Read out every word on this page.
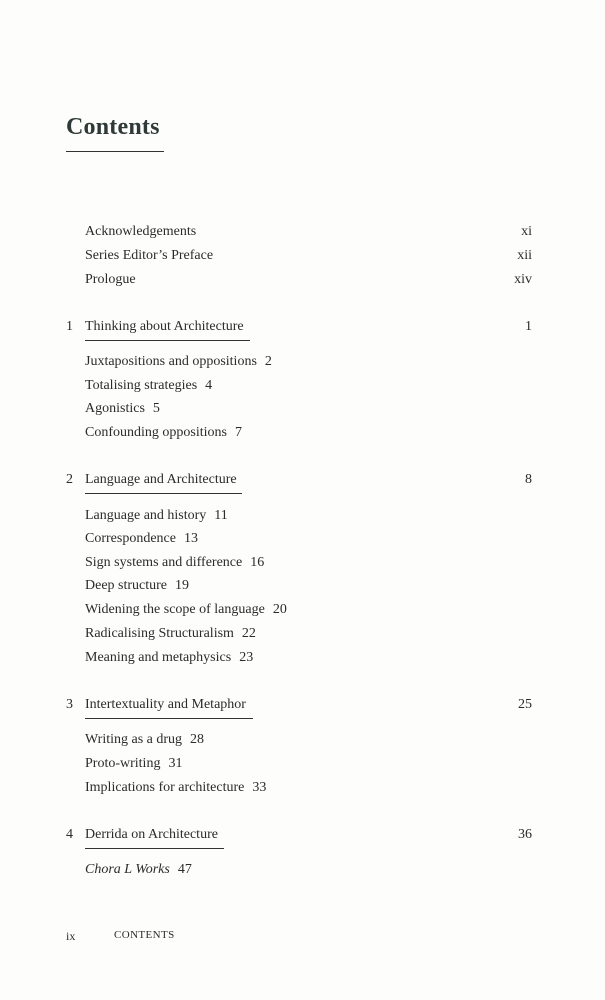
Contents
Acknowledgements	xi
Series Editor’s Preface	xii
Prologue	xiv
1 Thinking about Architecture	1
Juxtapositions and oppositions 2
Totalising strategies 4
Agonistics 5
Confounding oppositions 7
2 Language and Architecture	8
Language and history 11
Correspondence 13
Sign systems and difference 16
Deep structure 19
Widening the scope of language 20
Radicalising Structuralism 22
Meaning and metaphysics 23
3 Intertextuality and Metaphor	25
Writing as a drug 28
Proto-writing 31
Implications for architecture 33
4 Derrida on Architecture	36
Chora L Works 47
ix	CONTENTS
